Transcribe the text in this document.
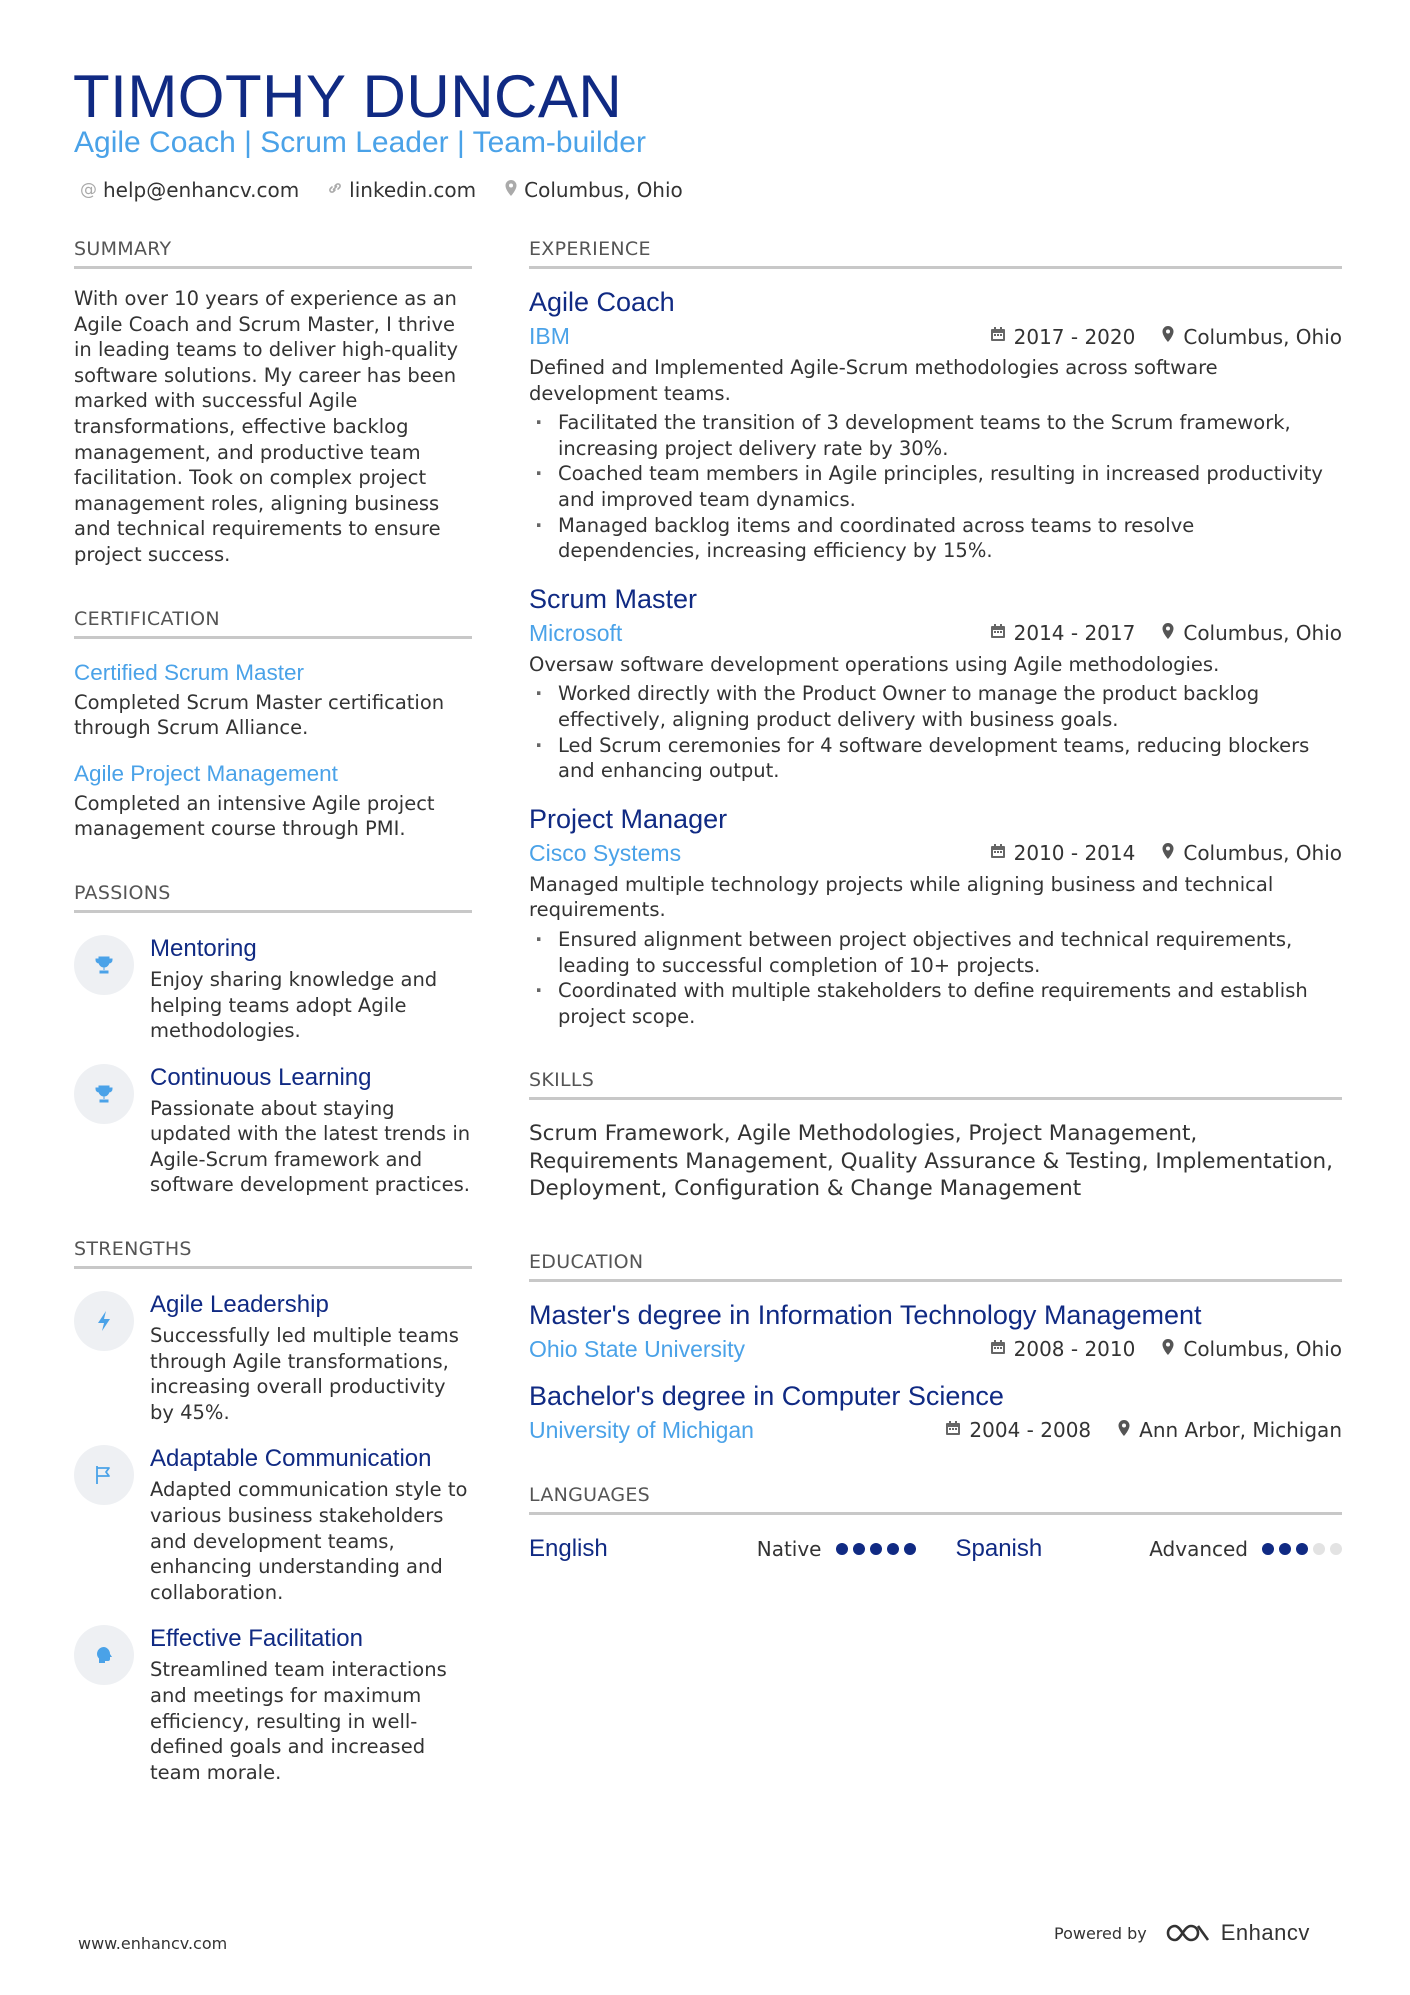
TIMOTHY DUNCAN
Agile Coach | Scrum Leader | Team-builder
@ help@enhancv.com	linkedin.com Columbus, Ohio
SUMMARY
With over 10 years of experience as an Agile Coach and Scrum Master, I thrive in leading teams to deliver high-quality software solutions. My career has been marked with successful Agile transformations, effective backlog management, and productive team facilitation. Took on complex project management roles, aligning business and technical requirements to ensure project success.
CERTIFICATION
Certified Scrum Master
Completed Scrum Master certification through Scrum Alliance.
Agile Project Management
Completed an intensive Agile project management course through PMI.
PASSIONS
Mentoring
Enjoy sharing knowledge and helping teams adopt Agile methodologies.
Continuous Learning
Passionate about staying updated with the latest trends in Agile-Scrum framework and software development practices.
STRENGTHS
Agile Leadership
Successfully led multiple teams through Agile transformations, increasing overall productivity by 45%.
Adaptable Communication
Adapted communication style to various business stakeholders and development teams, enhancing understanding and collaboration.
Effective Facilitation
Streamlined team interactions and meetings for maximum efficiency, resulting in well-defined goals and increased team morale.
EXPERIENCE
Agile Coach
IBM	2017 - 2020 Columbus, Ohio
Defined and Implemented Agile-Scrum methodologies across software development teams.
· Facilitated the transition of 3 development teams to the Scrum framework, increasing project delivery rate by 30%.
· Coached team members in Agile principles, resulting in increased productivity and improved team dynamics.
· Managed backlog items and coordinated across teams to resolve dependencies, increasing efficiency by 15%.
Scrum Master
Microsoft	2014 - 2017 Columbus, Ohio
Oversaw software development operations using Agile methodologies.
· Worked directly with the Product Owner to manage the product backlog effectively, aligning product delivery with business goals.
· Led Scrum ceremonies for 4 software development teams, reducing blockers and enhancing output.
Project Manager
Cisco Systems	2010 - 2014 Columbus, Ohio
Managed multiple technology projects while aligning business and technical requirements.
· Ensured alignment between project objectives and technical requirements, leading to successful completion of 10+ projects.
· Coordinated with multiple stakeholders to define requirements and establish project scope.
SKILLS
Scrum Framework, Agile Methodologies, Project Management, Requirements Management, Quality Assurance & Testing, Implementation, Deployment, Configuration & Change Management
EDUCATION
Master's degree in Information Technology Management
Ohio State University	2008 - 2010 Columbus, Ohio
Bachelor's degree in Computer Science
University of Michigan	2004 - 2008 Ann Arbor, Michigan
LANGUAGES
English	Native	Spanish	Advanced
www.enhancv.com
Powered by	Enhancv
